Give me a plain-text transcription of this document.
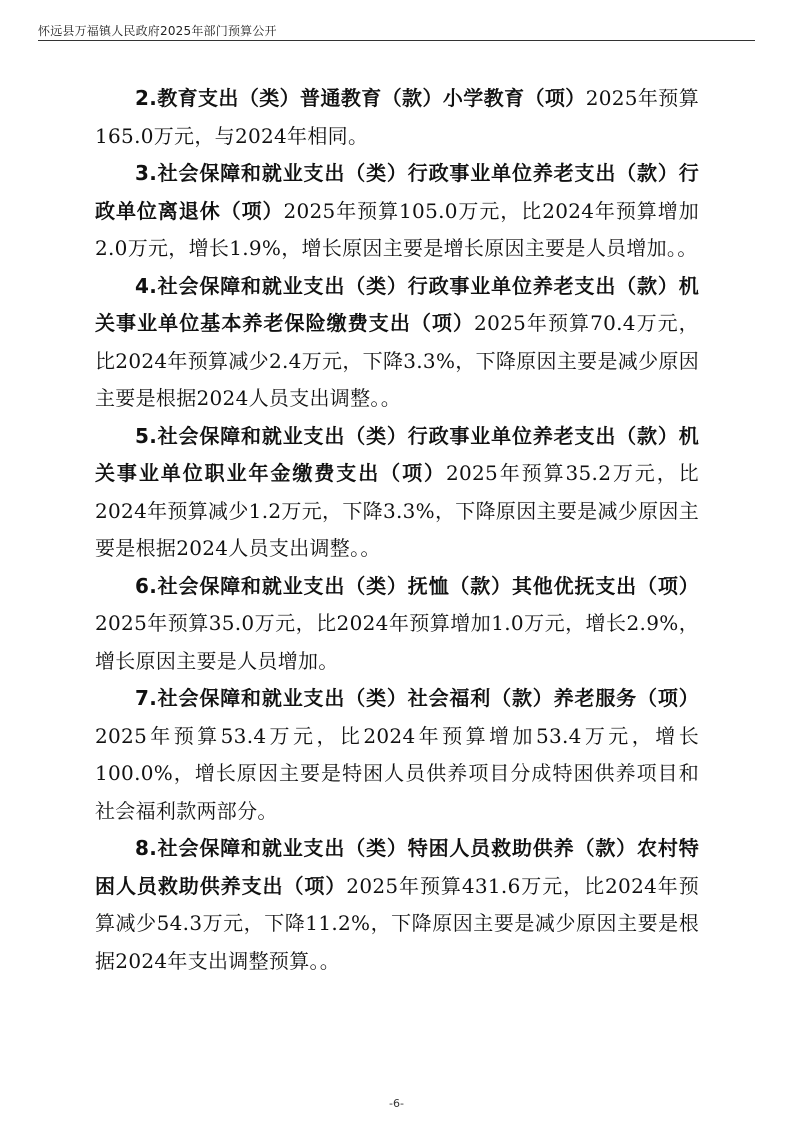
怀远县万福镇人民政府2025年部门预算公开

2.教育支出（类）普通教育（款）小学教育（项）2025年预算165.0万元，与2024年相同。

3.社会保障和就业支出（类）行政事业单位养老支出（款）行政单位离退休（项）2025年预算105.0万元，比2024年预算增加2.0万元，增长1.9%，增长原因主要是增长原因主要是人员增加。。

4.社会保障和就业支出（类）行政事业单位养老支出（款）机关事业单位基本养老保险缴费支出（项）2025年预算70.4万元，比2024年预算减少2.4万元，下降3.3%，下降原因主要是减少原因主要是根据2024人员支出调整。。

5.社会保障和就业支出（类）行政事业单位养老支出（款）机关事业单位职业年金缴费支出（项）2025年预算35.2万元，比2024年预算减少1.2万元，下降3.3%，下降原因主要是减少原因主要是根据2024人员支出调整。。

6.社会保障和就业支出（类）抚恤（款）其他优抚支出（项）2025年预算35.0万元，比2024年预算增加1.0万元，增长2.9%，增长原因主要是人员增加。

7.社会保障和就业支出（类）社会福利（款）养老服务（项）2025年预算53.4万元，比2024年预算增加53.4万元，增长100.0%，增长原因主要是特困人员供养项目分成特困供养项目和社会福利款两部分。

8.社会保障和就业支出（类）特困人员救助供养（款）农村特困人员救助供养支出（项）2025年预算431.6万元，比2024年预算减少54.3万元，下降11.2%，下降原因主要是减少原因主要是根据2024年支出调整预算。。

-6-
